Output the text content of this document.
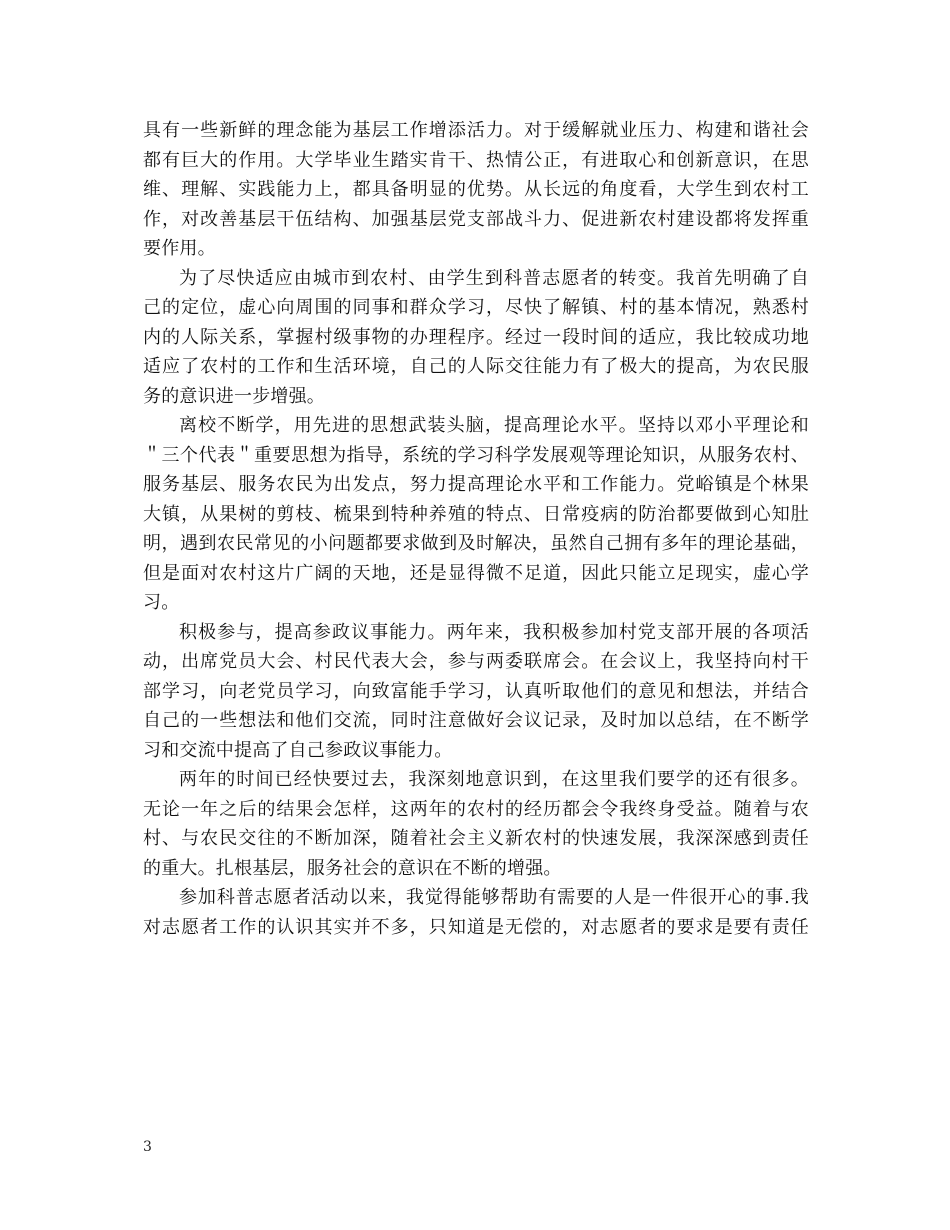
具有一些新鲜的理念能为基层工作增添活力。对于缓解就业压力、构建和谐社会
都有巨大的作用。大学毕业生踏实肯干、热情公正，有进取心和创新意识，在思
维、理解、实践能力上，都具备明显的优势。从长远的角度看，大学生到农村工
作，对改善基层干伍结构、加强基层党支部战斗力、促进新农村建设都将发挥重
要作用。
为了尽快适应由城市到农村、由学生到科普志愿者的转变。我首先明确了自
己的定位，虚心向周围的同事和群众学习，尽快了解镇、村的基本情况，熟悉村
内的人际关系，掌握村级事物的办理程序。经过一段时间的适应，我比较成功地
适应了农村的工作和生活环境，自己的人际交往能力有了极大的提高，为农民服
务的意识进一步增强。
离校不断学，用先进的思想武装头脑，提高理论水平。坚持以邓小平理论和
＂三个代表＂重要思想为指导，系统的学习科学发展观等理论知识，从服务农村、
服务基层、服务农民为出发点，努力提高理论水平和工作能力。党峪镇是个林果
大镇，从果树的剪枝、梳果到特种养殖的特点、日常疫病的防治都要做到心知肚
明，遇到农民常见的小问题都要求做到及时解决，虽然自己拥有多年的理论基础，
但是面对农村这片广阔的天地，还是显得微不足道，因此只能立足现实，虚心学
习。
积极参与，提高参政议事能力。两年来，我积极参加村党支部开展的各项活
动，出席党员大会、村民代表大会，参与两委联席会。在会议上，我坚持向村干
部学习，向老党员学习，向致富能手学习，认真听取他们的意见和想法，并结合
自己的一些想法和他们交流，同时注意做好会议记录，及时加以总结，在不断学
习和交流中提高了自己参政议事能力。
两年的时间已经快要过去，我深刻地意识到，在这里我们要学的还有很多。
无论一年之后的结果会怎样，这两年的农村的经历都会令我终身受益。随着与农
村、与农民交往的不断加深，随着社会主义新农村的快速发展，我深深感到责任
的重大。扎根基层，服务社会的意识在不断的增强。
参加科普志愿者活动以来，我觉得能够帮助有需要的人是一件很开心的事.我
对志愿者工作的认识其实并不多，只知道是无偿的，对志愿者的要求是要有责任
3
